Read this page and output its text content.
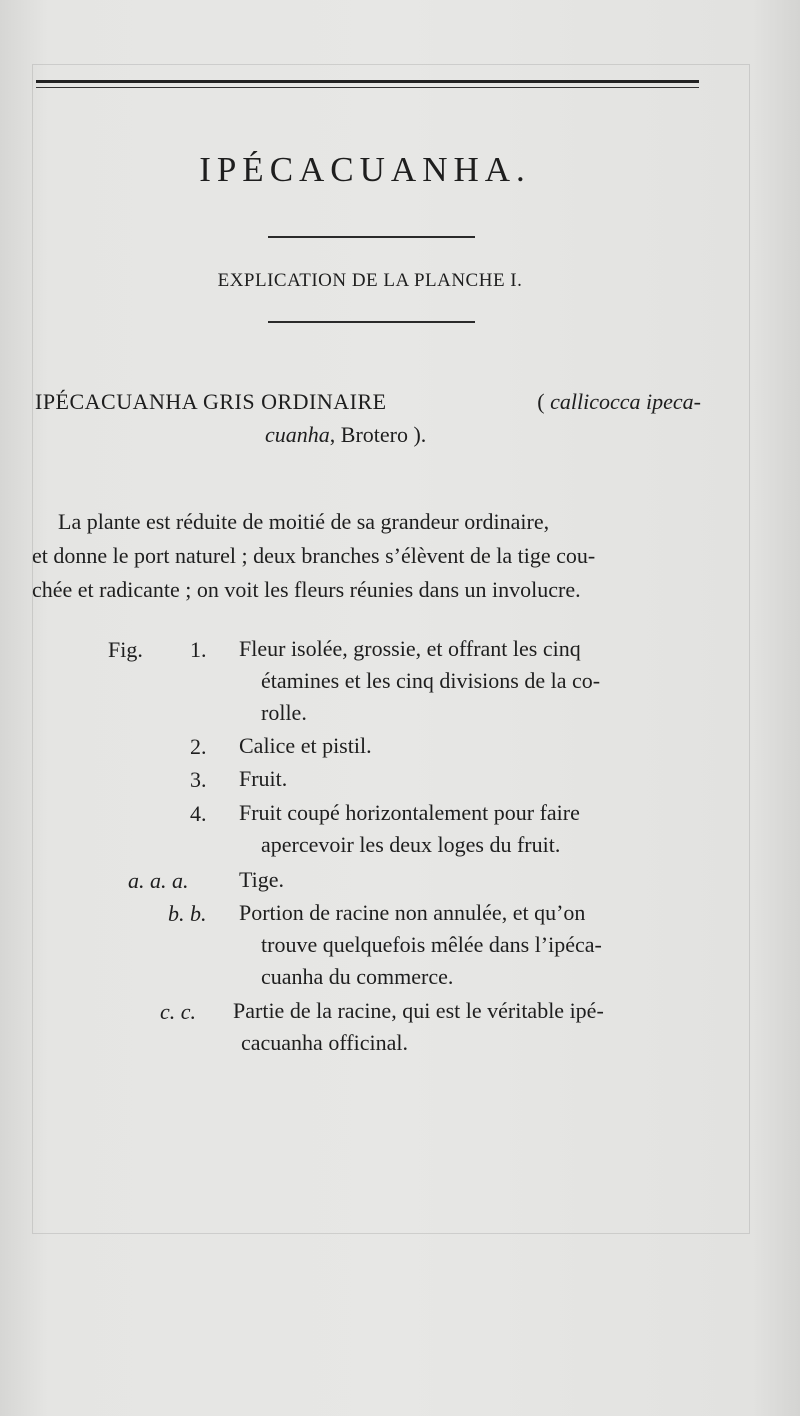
IPÉCACUANHA.
EXPLICATION DE LA PLANCHE I.
IPÉCACUANHA GRIS ORDINAIRE	( callicocca ipeca-
cuanha, Brotero ).
La plante est réduite de moitié de sa grandeur ordinaire,
et donne le port naturel ; deux branches s’élèvent de la tige cou-
chée et radicante ; on voit les fleurs réunies dans un involucre.
Fig. 1. Fleur isolée, grossie, et offrant les cinq
étamines et les cinq divisions de la co-
rolle.
2. Calice et pistil.
3. Fruit.
4. Fruit coupé horizontalement pour faire
apercevoir les deux loges du fruit.
a. a. a. Tige.
b. b. Portion de racine non annulée, et qu’on
trouve quelquefois mêlée dans l’ipéca-
cuanha du commerce.
c. c. Partie de la racine, qui est le véritable ipé-
cacuanha officinal.
